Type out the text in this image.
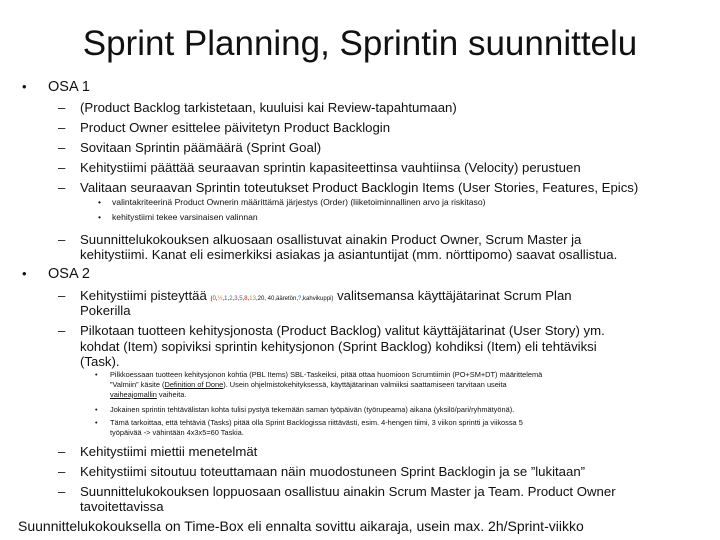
Sprint Planning, Sprintin suunnittelu
• OSA 1
– (Product Backlog tarkistetaan, kuuluisi kai Review-tapahtumaan)
– Product Owner esittelee päivitetyn Product Backlogin
– Sovitaan Sprintin päämäärä (Sprint Goal)
– Kehitystiimi päättää seuraavan sprintin kapasiteettinsa vauhtiinsa (Velocity) perustuen
– Valitaan seuraavan Sprintin toteutukset Product Backlogin Items (User Stories, Features, Epics)
• valintakriteerinä Product Ownerin määrittämä järjestys (Order) (liiketoiminnallinen arvo ja riskitaso)
• kehitystiimi tekee varsinaisen valinnan
– Suunnittelukokouksen alkuosaan osallistuvat ainakin Product Owner, Scrum Master ja
kehitystiimi. Kanat eli esimerkiksi asiakas ja asiantuntijat (mm. nörttipomo) saavat osallistua.
• OSA 2
– Kehitystiimi pisteyttää (0,½,1,2,3,5,8,13,20, 40,ääretön,?,kahvikuppi) valitsemansa käyttäjätarinat Scrum Plan
Pokerilla
– Pilkotaan tuotteen kehitysjonosta (Product Backlog) valitut käyttäjätarinat (User Story) ym.
kohdat (Item) sopiviksi sprintin kehitysjonon (Sprint Backlog) kohdiksi (Item) eli tehtäviksi
(Task).
• Pilkkoessaan tuotteen kehitysjonon kohtia (PBL Items) SBL-Taskeiksi, pitää ottaa huomioon Scrumtiimin (PO+SM+DT) määrittelemä
”Valmiin” käsite (Definition of Done). Usein ohjelmistokehityksessä, käyttäjätarinan valmiiksi saattamiseen tarvitaan useita
vaiheajomallin vaiheita.
• Jokainen sprintin tehtävälistan kohta tulisi pystyä tekemään saman työpäivän (työrupeama) aikana (yksilö/pari/ryhmätyönä).
• Tämä tarkoittaa, että tehtäviä (Tasks) pitää olla Sprint Backlogissa riittävästi, esim. 4-hengen tiimi, 3 viikon sprintti ja viikossa 5
työpäivää -> vähintään 4x3x5=60 Taskia.
– Kehitystiimi miettii menetelmät
– Kehitystiimi sitoutuu toteuttamaan näin muodostuneen Sprint Backlogin ja se ”lukitaan”
– Suunnittelukokouksen loppuosaan osallistuu ainakin Scrum Master ja Team. Product Owner
tavoitettavissa
Suunnittelukokouksella on Time-Box eli ennalta sovittu aikaraja, usein max. 2h/Sprint-viikko
